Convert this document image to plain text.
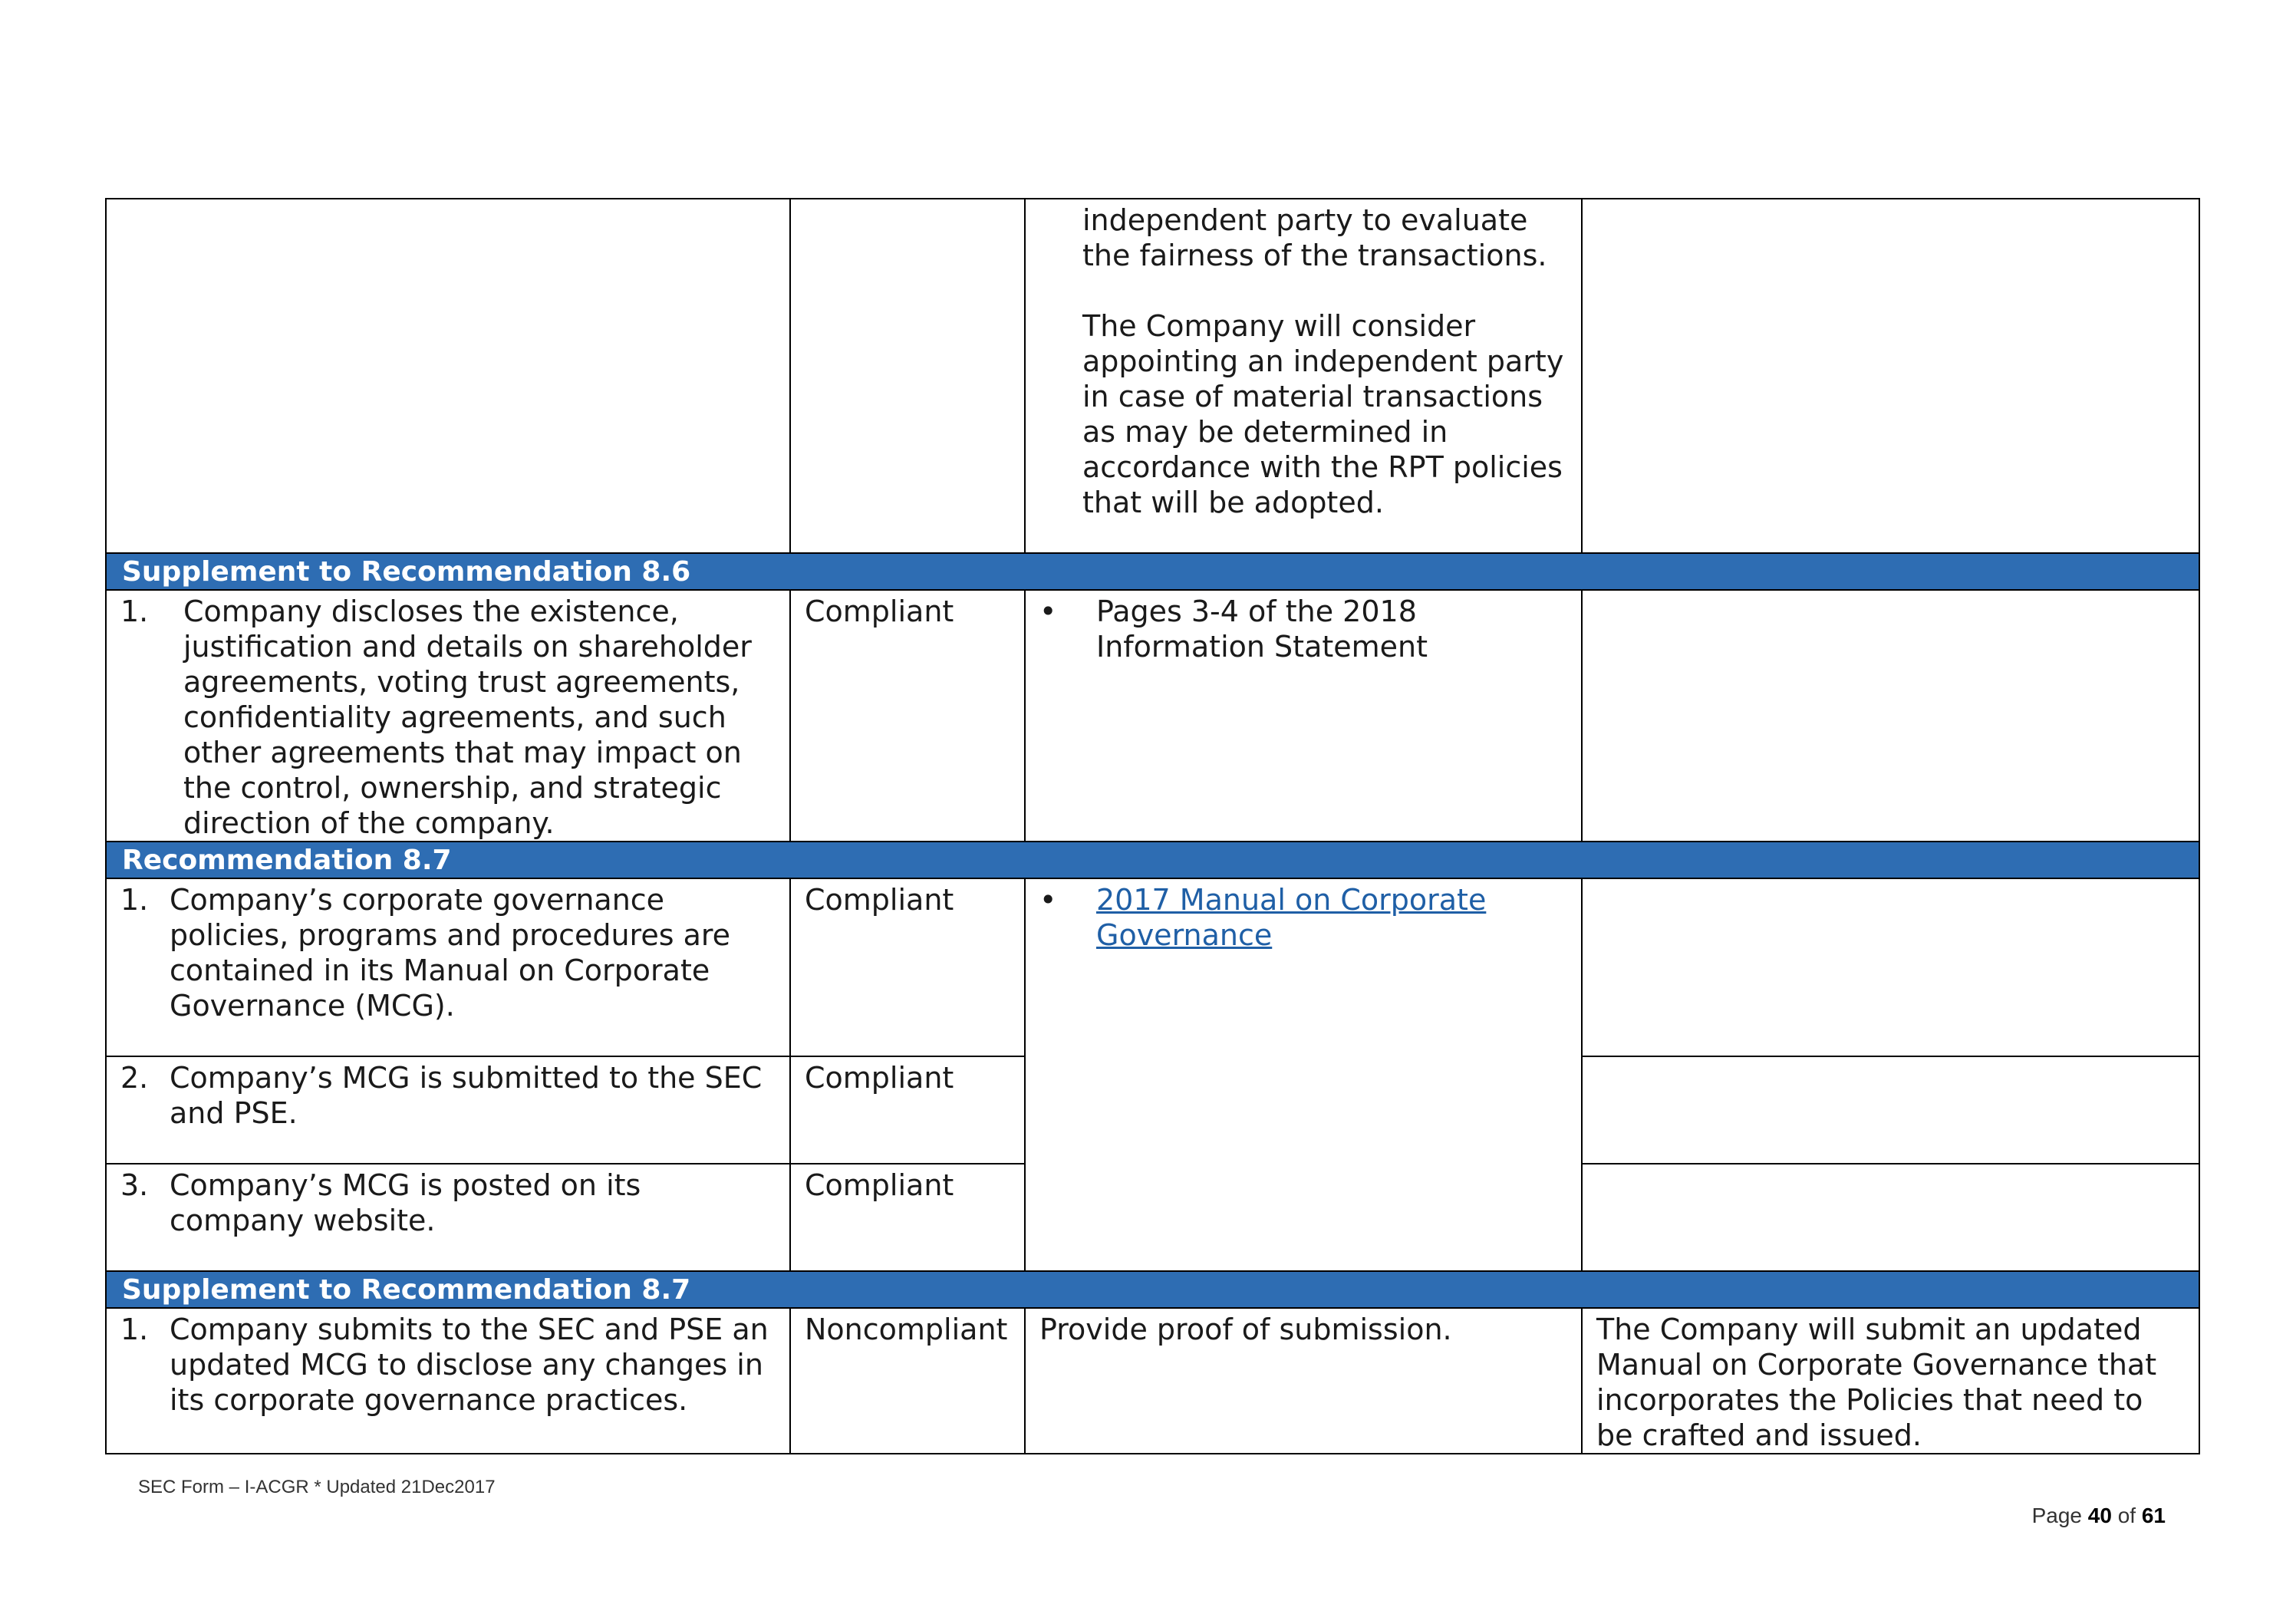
		independent party to evaluate the fairness of the transactions.
The Company will consider appointing an independent party in case of material transactions as may be determined in accordance with the RPT policies that will be adopted.	

Supplement to Recommendation 8.6			

1. Company discloses the existence, justification and details on shareholder agreements, voting trust agreements, confidentiality agreements, and such other agreements that may impact on the control, ownership, and strategic direction of the company.	Compliant	• Pages 3-4 of the 2018 Information Statement	

Recommendation 8.7			

1. Company’s corporate governance policies, programs and procedures are contained in its Manual on Corporate Governance (MCG).	Compliant	• 2017 Manual on Corporate Governance	

2. Company’s MCG is submitted to the SEC and PSE.	Compliant		

3. Company’s MCG is posted on its company website.	Compliant		
Supplement to Recommendation 8.7			

1. Company submits to the SEC and PSE an updated MCG to disclose any changes in its corporate governance practices.	Noncompliant	Provide proof of submission.	The Company will submit an updated Manual on Corporate Governance that incorporates the Policies that need to be crafted and issued.
SEC Form – I-ACGR * Updated 21Dec2017
Page 40 of 61
